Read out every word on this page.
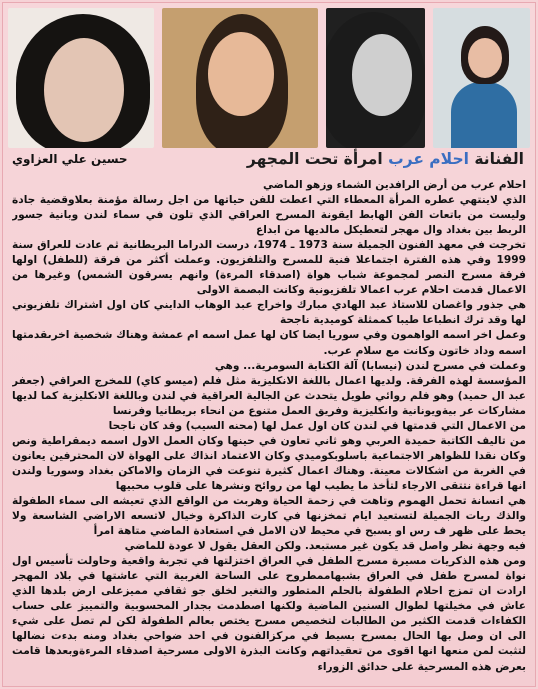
الفنانة احلام عرب امرأة تحت المجهر
حسين علي العزاوي

احلام عرب من أرض الرافدين الشماء وزهو الماضي

الذي لاينتهي عطره المرأة المعطاء التي اعطت للفن حياتها من اجل رسالة مؤمنة بعلاوقضية جادة وليست من باتعات الفن الهابط ايقونة المسرح العراقي الذي تلون في سماء لندن وبانية جسور الربط بين بغداد وال مهجر لتعطيكل مالديها من ابداع

تخرجت في معهد الفنون الجميلة سنة 1973 ـ 1974، درست الدراما البريطانية ثم عادت للعراق سنة 1999 وفي هذه الفترة اجتماعلا فنية للمسرح والتلفزيون. وعملت أكثر من فرقة (للطفل) اولها فرقة مسرح النصر لمجموعة شباب هواة (اصدقاء المرءة) وانهم يسرقون الشمس) وغيرها من الاعمال قدمت احلام عرب اعمالا تلفزيونية وكانت البصمة الاولى

هي جذور واغصان للاستاذ عبد الهادي مبارك واخراج عبد الوهاب الدايني كان اول اشتراك تلفزيوني لها وقد ترك انطباعا طيبا كممثلة كوميدية ناجحة

وعمل اخر اسمه الواهمون وفي سوريا ايضا كان لها عمل اسمه ام عمشة وهناك شخصية اخرىقدمتها اسمه وداد خاتون وكانت مع سلام عرب.

وعملت في مسرح لندن (نيسابا) آلة الكتابة السومرية... وهي

المؤسسة لهذه الفرقة. ولديها اعمال باللغة الانكليزية مثل فلم (ميسو كاي) للمخرج العراقي (جعفر عبد ال حميد) وهو فلم روائي طويل يتحدث عن الجالية العراقية في لندن وباللغة الانكليزية كما لديها مشاركات عر بيةويونانية وانكليزية وفريق العمل متنوع من انحاء بريطانيا وفرنسا

من الاعمال التي قدمتها في لندن كان اول عمل لها (محنه السيب) وقد كان ناجحا

من تاليف الكاتبة حميدة العربي وهو ثاني تعاون في حينها وكان العمل الاول اسمه ديمقراطية ونص وكان نقدا للظواهر الاجتماعية باسلوبكوميدي وكان الاعتماد انذاك على الهواة لان المحترفين يعانون في الغربة من اشكالات معينة. وهناك اعمال كثيرة تنوعت في الزمان والاماكن بغداد وسوريا ولندن انها قراءة نتتقى الارجاء لتأخذ ما يطيب لها من روائح ونشرها على قلوب محبيها

هي انسانة تحمل الهموم وتاهت في زحمة الحياة وهربت من الواقع الذي تعيشه الى سماء الطفولة والذك ريات الجميلة لتستعيد ايام تمخزنها في كارت الذاكرة وخيال لاتسعه الاراضي الشاسعة ولا يحط على ظهر ف رس او يسبح في محيط لان الامل في استعادة الماضي متاهة امرأ

فيه وجهة نظر واصل قد يكون غير مستبعد. ولكن العقل يقول لا عودة للماضي

ومن هذه الذكريات مسيرة مسرح الطفل في العراق اختزلتها في تجربة واقعية وحاولت تأسيس اول نواة لمسرح طفل في العراق بشبهاممطروح على الساحة الغربية التي عاشتها في بلاد المهجر ارادت ان تمزج احلام الطفولة بالحلم المتطور والتغير لخلق جو ثقافي مميزعلى ارض بلدها الذي عاش في مخيلتها لطوال السنين الماضية ولكنها اصطدمت بجدار المحسوبية والتمييز على حساب الكفاءات قدمت الكثير من الطالبات لتخصيص مسرح يختص بعالم الطفولة لكن لم تصل على شيء الى ان وصل بها الحال بمسرح بسيط في مركزالفنون في احد ضواحي بغداد ومنه بدءت نضالها لتثبت لمن منعها انها اقوى من تعقيداتهم وكانت البذرة الاولى مسرحية اصدقاء المرءةوبعدها قامت بعرض هذه المسرحية على حدائق الزوراء
